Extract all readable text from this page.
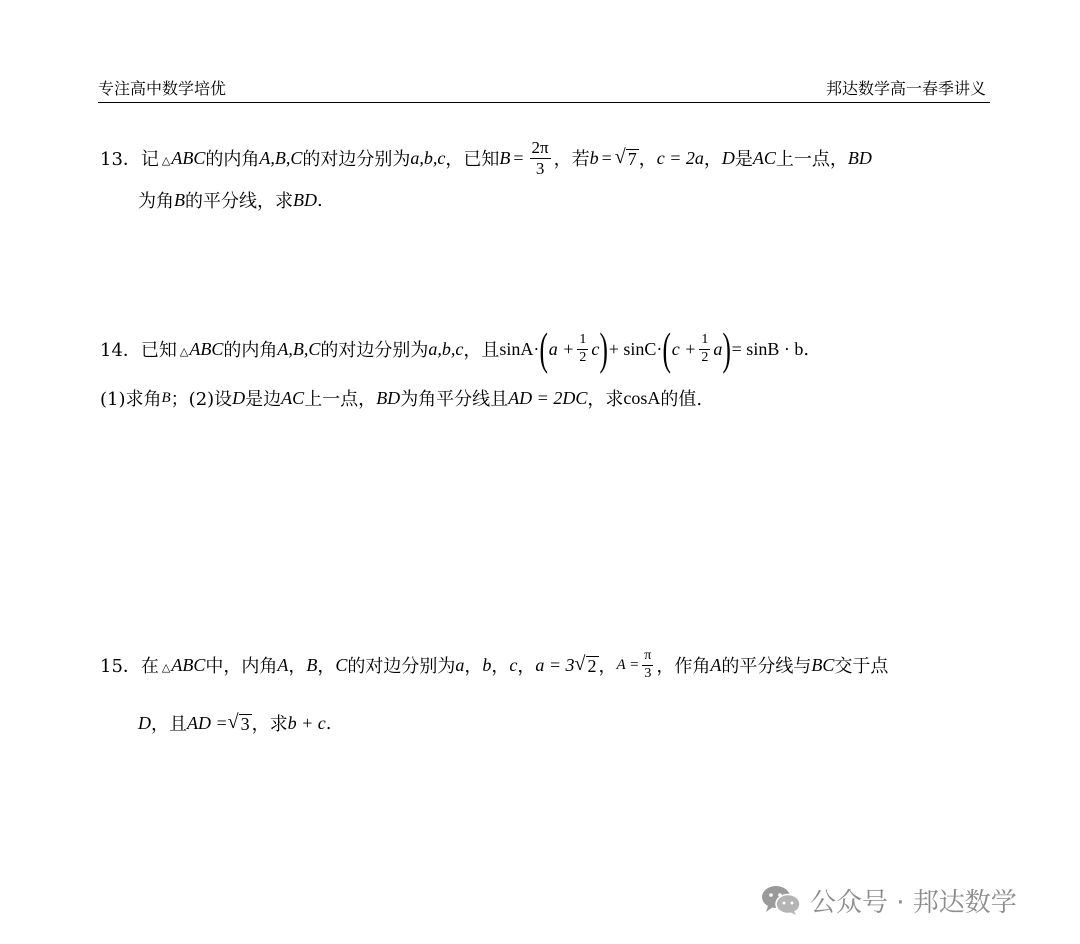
专注高中数学培优	邦达数学高一春季讲义
13． 记 △ ABC 的内角 A,B,C 的对边分别为 a,b,c ，已知 $B = \frac{2\pi}{3}$ ，若 b = √ 7 ， c = 2a ， D 是 AC 上一点， BD
为角 B 的平分线，求 BD .
14． 已知 △ ABC 的内角 A,B,C 的对边分别为 a,b,c ，且 sinA· ( $a + \frac{1}{2}$ c ) + sinC· ( $c + \frac{1}{2}$ a ) = sinB · b .
(1)求角 B ；(2)设 D 是边 AC 上一点， BD 为角平分线且 AD = 2DC ，求 cosA 的值.
15． 在 △ ABC 中，内角 A ， B ， C 的对边分别为 a ， b ， c ， a = 3 √ 2 ， $A = \frac{\pi}{3}$ ，作角 A 的平分线与 BC 交于点
D ，且 AD = √ 3 ，求 b + c .
公众号 · 邦达数学
